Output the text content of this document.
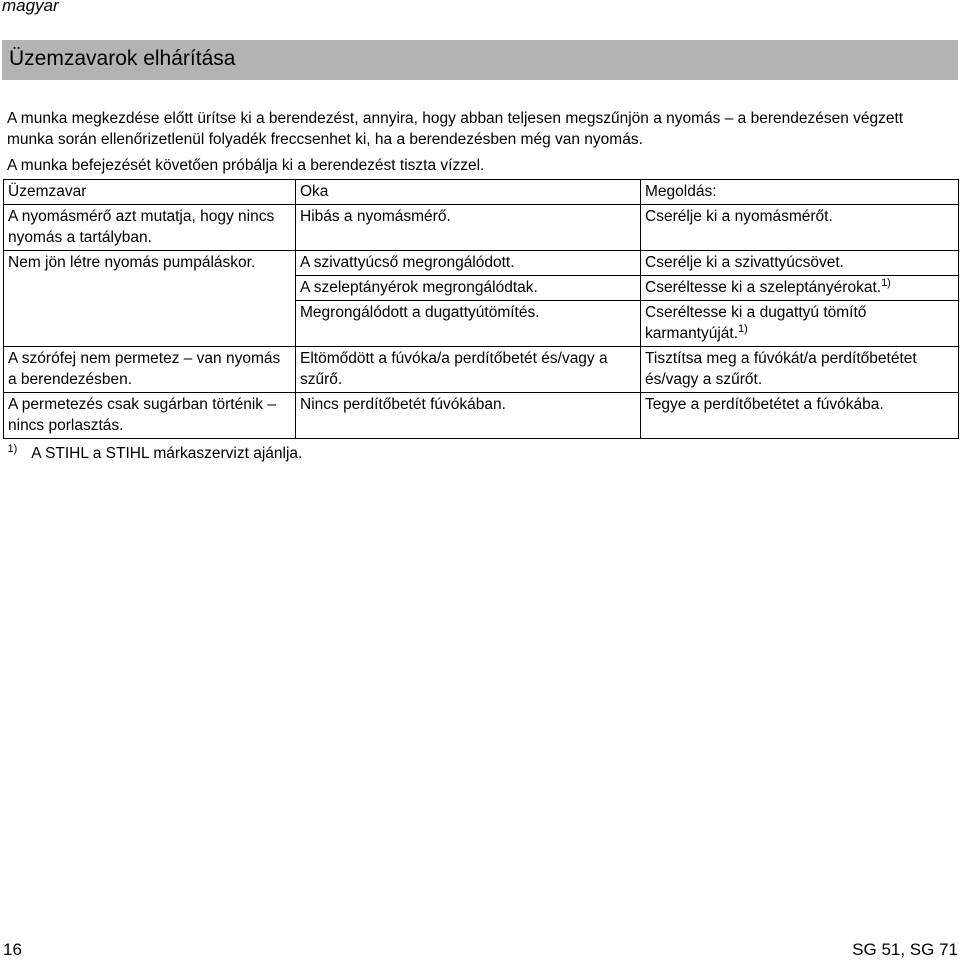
magyar
Üzemzavarok elhárítása
A munka megkezdése előtt ürítse ki a berendezést, annyira, hogy abban teljesen megszűnjön a nyomás – a berendezésen végzett munka során ellenőrizetlenül folyadék freccsenhet ki, ha a berendezésben még van nyomás.
A munka befejezését követően próbálja ki a berendezést tiszta vízzel.
Üzemzavar	Oka	Megoldás:
A nyomásmérő azt mutatja, hogy nincs nyomás a tartályban.	Hibás a nyomásmérő.	Cserélje ki a nyomásmérőt.
Nem jön létre nyomás pumpáláskor.	A szivattyúcső megrongálódott.	Cserélje ki a szivattyúcsövet.
	A szeleptányérok megrongálódtak.	Cseréltesse ki a szeleptányérokat.$^{1)}$
	Megrongálódott a dugattyútömítés.	Cseréltesse ki a dugattyú tömítő karmantyúját.$^{1)}$
A szórófej nem permetez – van nyomás a berendezésben.	Eltömődött a fúvóka/a perdítőbetét és/vagy a szűrő.	Tisztítsa meg a fúvókát/a perdítőbetétet és/vagy a szűrőt.
A permetezés csak sugárban történik – nincs porlasztás.	Nincs perdítőbetét fúvókában.	Tegye a perdítőbetétet a fúvókába.
$^{1)}$ A STIHL a STIHL márkaszervizt ajánlja.		
16	SG 51, SG 71
